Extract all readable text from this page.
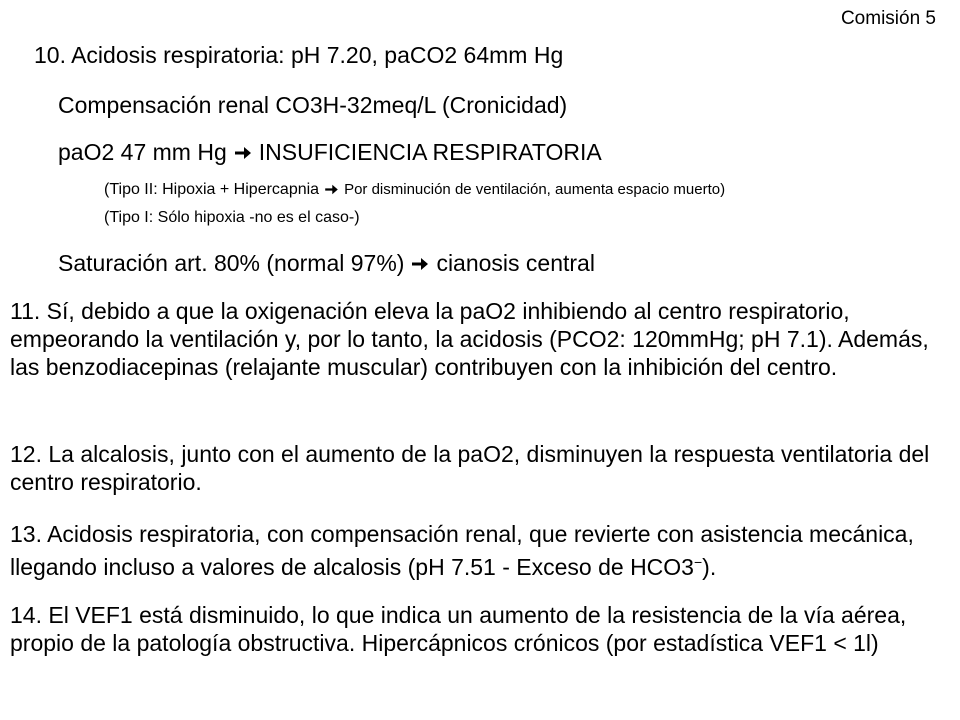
Comisión 5
10. Acidosis respiratoria: pH 7.20, paCO2 64mm Hg
Compensación renal CO3H-32meq/L (Cronicidad)
paO2 47 mm Hg INSUFICIENCIA RESPIRATORIA
(Tipo II: Hipoxia + Hipercapnia Por disminución de ventilación, aumenta espacio muerto)
(Tipo I: Sólo hipoxia -no es el caso-)
Saturación art. 80% (normal 97%) cianosis central
11. Sí, debido a que la oxigenación eleva la paO2 inhibiendo al centro respiratorio, empeorando la ventilación y, por lo tanto, la acidosis (PCO2: 120mmHg; pH 7.1). Además, las benzodiacepinas (relajante muscular) contribuyen con la inhibición del centro.
12. La alcalosis, junto con el aumento de la paO2, disminuyen la respuesta ventilatoria del centro respiratorio.
13. Acidosis respiratoria, con compensación renal, que revierte con asistencia mecánica, llegando incluso a valores de alcalosis (pH 7.51 - Exceso de HCO3−).
14. El VEF1 está disminuido, lo que indica un aumento de la resistencia de la vía aérea, propio de la patología obstructiva. Hipercápnicos crónicos (por estadística VEF1 < 1l)
